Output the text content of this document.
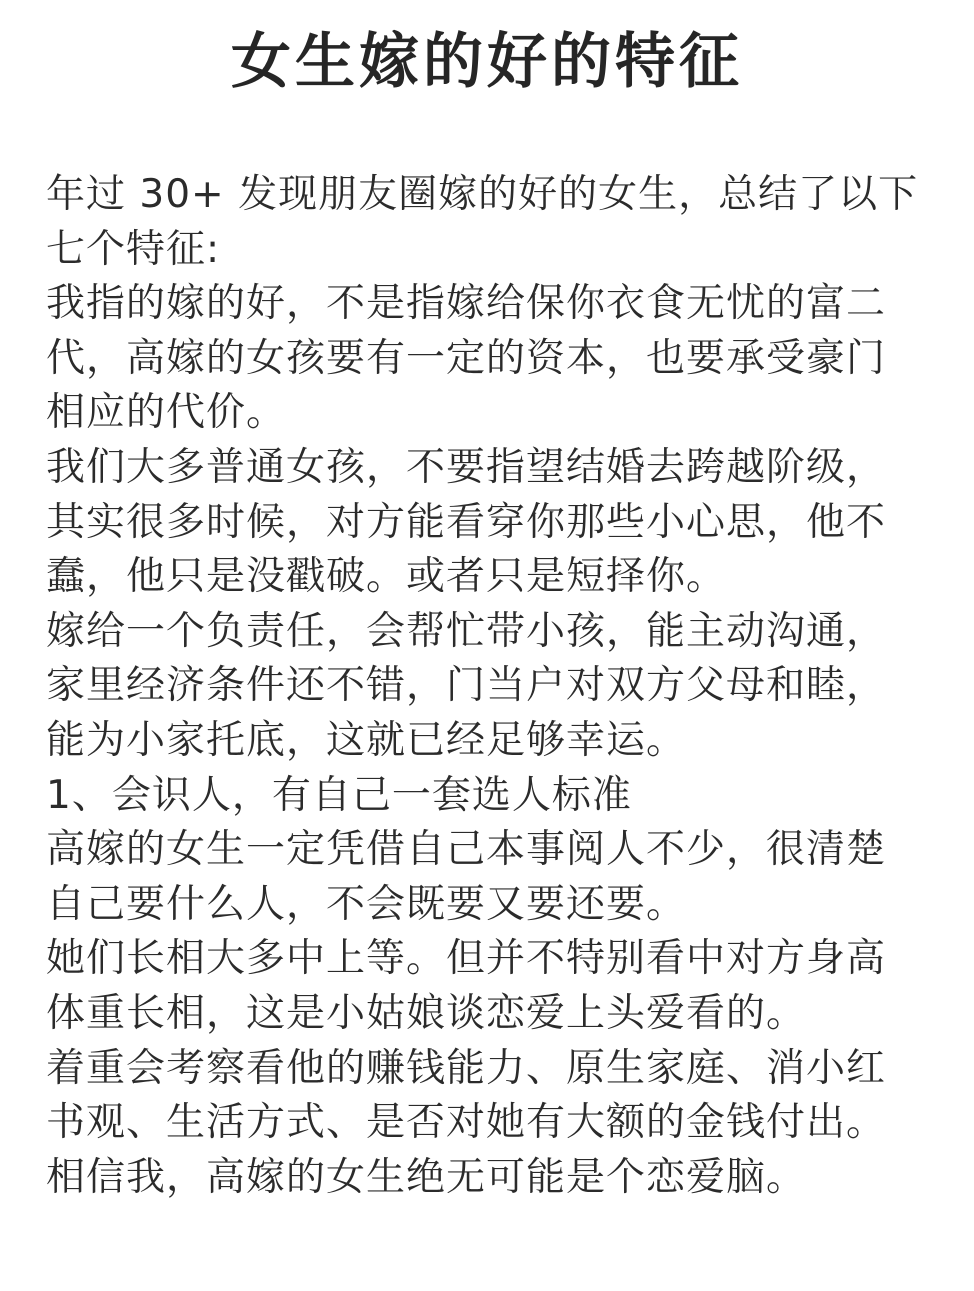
女生嫁的好的特征
年过 30+ 发现朋友圈嫁的好的女生，总结了以下
七个特征:
我指的嫁的好，不是指嫁给保你衣食无忧的富二
代，高嫁的女孩要有一定的资本，也要承受豪门
相应的代价。
我们大多普通女孩，不要指望结婚去跨越阶级，
其实很多时候，对方能看穿你那些小心思，他不
蠢，他只是没戳破。或者只是短择你。
嫁给一个负责任，会帮忙带小孩，能主动沟通，
家里经济条件还不错，门当户对双方父母和睦，
能为小家托底，这就已经足够幸运。
1、会识人，有自己一套选人标准
高嫁的女生一定凭借自己本事阅人不少，很清楚
自己要什么人，不会既要又要还要。
她们长相大多中上等。但并不特别看中对方身高
体重长相，这是小姑娘谈恋爱上头爱看的。
着重会考察看他的赚钱能力、原生家庭、消小红
书观、生活方式、是否对她有大额的金钱付出。
相信我，高嫁的女生绝无可能是个恋爱脑。
